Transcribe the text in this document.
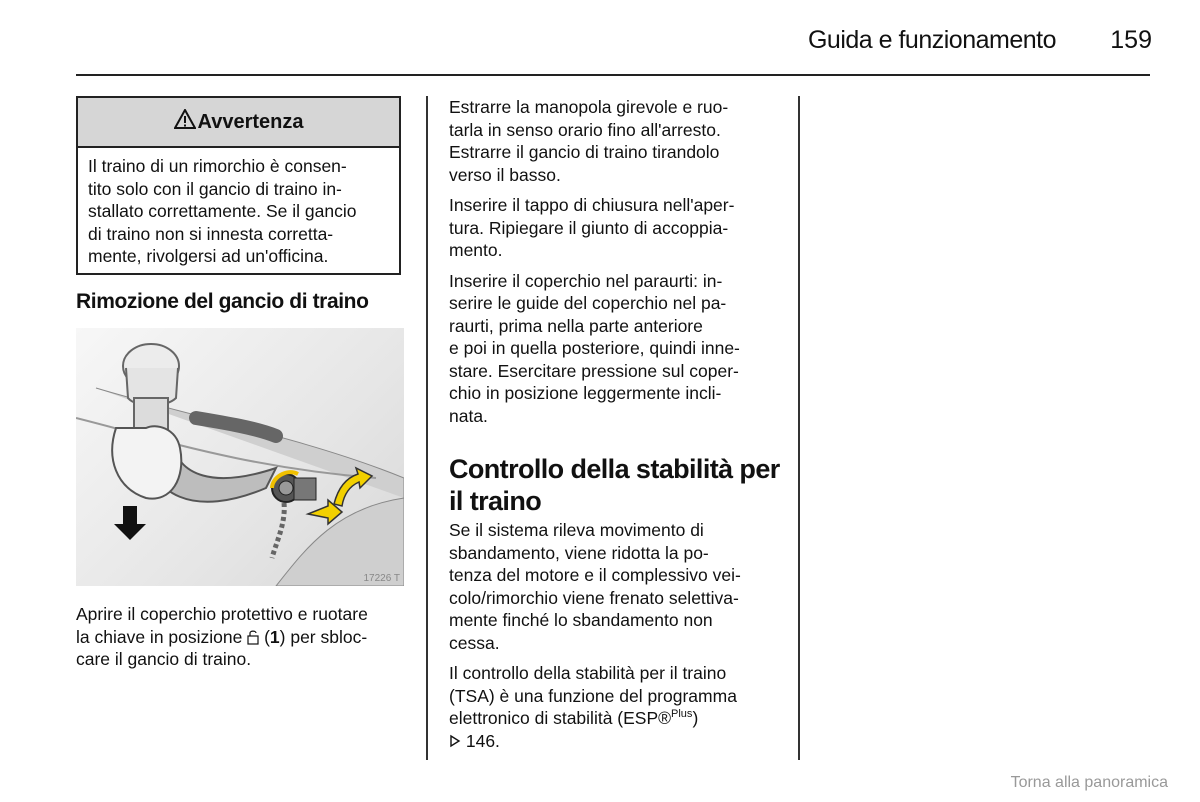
Guida e funzionamento	159
Avvertenza
Il traino di un rimorchio è consen-
tito solo con il gancio di traino in-
stallato correttamente. Se il gancio
di traino non si innesta corretta-
mente, rivolgersi ad un'officina.
Rimozione del gancio di traino
17226 T
Aprire il coperchio protettivo e ruotare
la chiave in posizione  (1) per sbloc-
care il gancio di traino.
Estrarre la manopola girevole e ruo-
tarla in senso orario fino all'arresto.
Estrarre il gancio di traino tirandolo
verso il basso.
Inserire il tappo di chiusura nell'aper-
tura. Ripiegare il giunto di accoppia-
mento.
Inserire il coperchio nel paraurti: in-
serire le guide del coperchio nel pa-
raurti, prima nella parte anteriore
e poi in quella posteriore, quindi inne-
stare. Esercitare pressione sul coper-
chio in posizione leggermente incli-
nata.
Controllo della stabilità per
il traino
Se il sistema rileva movimento di
sbandamento, viene ridotta la po-
tenza del motore e il complessivo vei-
colo/rimorchio viene frenato selettiva-
mente finché lo sbandamento non
cessa.
Il controllo della stabilità per il traino
(TSA) è una funzione del programma
elettronico di stabilità (ESP®$^{Plus}$)
146.
Torna alla panoramica
